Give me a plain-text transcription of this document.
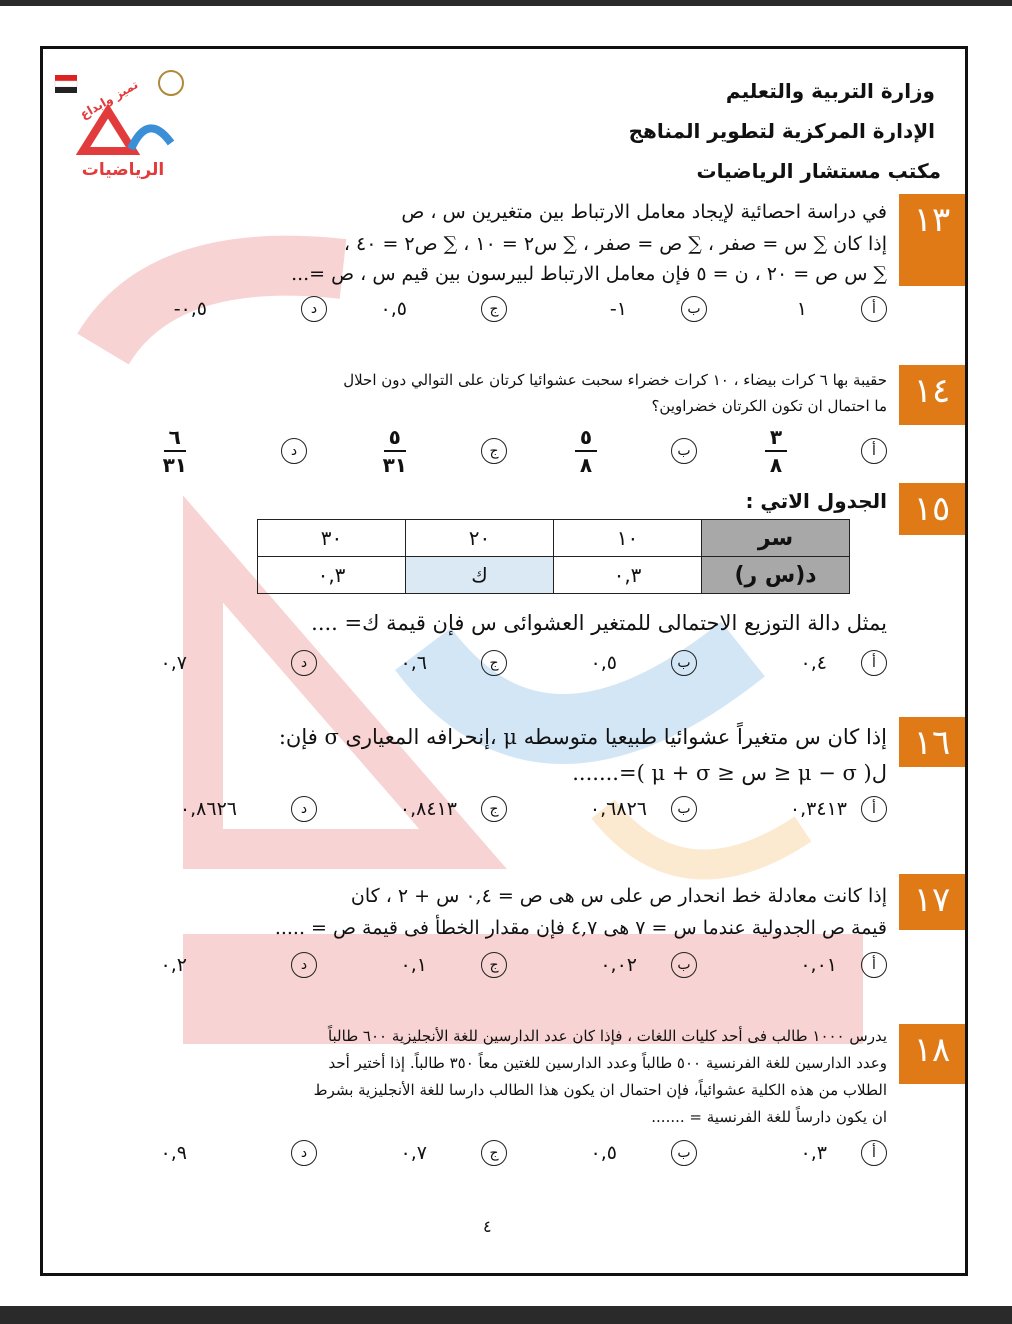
الرياضيات
تميز وابداع	وزارة التربية والتعليم
الإدارة المركزية لتطوير المناهج
مكتب مستشار الرياضيات
١٣
في دراسة احصائية لإيجاد معامل الارتباط بين متغيرين س ، ص
إذا كان ∑ س = صفر ، ∑ ص = صفر ، ∑ س٢ = ١٠ ، ∑ ص٢ = ٤٠ ،
∑ س ص = ٢٠ ، ن = ٥ فإن معامل الارتباط لبيرسون بين قيم س ، ص =...
أ
١
ب
-١
ج
٠,٥
د
-٠,٥
١٤
حقيبة بها ٦ كرات بيضاء ، ١٠ كرات خضراء سحبت عشوائيا كرتان على التوالي دون احلال
ما احتمال ان تكون الكرتان خضراوين؟
أ
$\frac{٣}{٨}$
ب
$\frac{٥}{٨}$
ج
$\frac{٥}{٣١}$
د
$\frac{٦}{٣١}$
١٥
الجدول الاتي :
سر	١٠	٢٠	٣٠
د(س ر)	٠,٣	ك	٠,٣
يمثل دالة التوزيع الاحتمالى للمتغير العشوائى س فإن قيمة ك= ....
أ
٠,٤
ب
٠,٥
ج
٠,٦
د
٠,٧
١٦
إذا كان س متغيراً عشوائيا طبيعيا متوسطه μ ،إنحرافه المعيارى σ فإن:
ل( μ − σ ≤ س ≤ μ + σ )=.......
أ
٠,٣٤١٣
ب
٠,٦٨٢٦
ج
٠,٨٤١٣
د
٠,٨٦٢٦
١٧
إذا كانت معادلة خط انحدار ص على س هى ص = ٠,٤ س + ٢ ، كان
قيمة ص الجدولية عندما س = ٧ هى ٤,٧ فإن مقدار الخطأ فى قيمة ص = .....
أ
٠,٠١
ب
٠,٠٢
ج
٠,١
د
٠,٢
١٨
يدرس ١٠٠٠ طالب فى أحد كليات اللغات ، فإذا كان عدد الدارسين للغة الأنجليزية ٦٠٠ طالباً
وعدد الدارسين للغة الفرنسية ٥٠٠ طالباً وعدد الدارسين للغتين معاً ٣٥٠ طالباً. إذا أختير أحد
الطلاب من هذه الكلية عشوائياً، فإن احتمال ان يكون هذا الطالب دارسا للغة الأنجليزية بشرط
ان يكون دارساً للغة الفرنسية = .......
أ
٠,٣
ب
٠,٥
ج
٠,٧
د
٠,٩
٤
